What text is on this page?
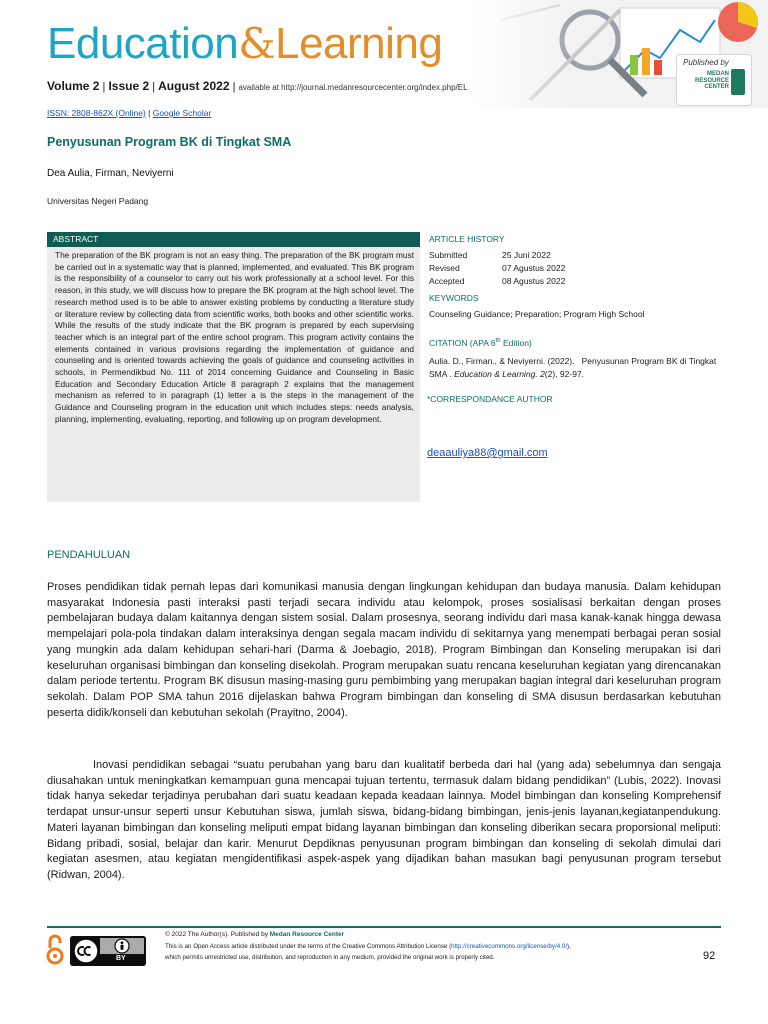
Education&Learning	Published by
MEDAN RESOURCE CENTER
Volume 2 | Issue 2 | August 2022 | available at http://journal.medanresourcecenter.org/index.php/EL
ISSN: 2808-862X (Online) | Google Scholar
Penyusunan Program BK di Tingkat SMA
Dea Aulia, Firman, Neviyerni
Universitas Negeri Padang
ABSTRACT
The preparation of the BK program is not an easy thing. The preparation of the BK program must be carried out in a systematic way that is planned, implemented, and evaluated. This BK program is the responsibility of a counselor to carry out his work professionally at a school level. For this reason, in this study, we will discuss how to prepare the BK program at the high school level. The research method used is to be able to answer existing problems by conducting a literature study or literature review by collecting data from scientific works, both books and other scientific works. While the results of the study indicate that the BK program is prepared by each supervising teacher which is an integral part of the entire school program. This program activity contains the elements contained in various provisions regarding the implementation of guidance and counseling and is oriented towards achieving the goals of guidance and counseling activities in schools, in Permendikbud No. 111 of 2014 concerning Guidance and Counseling in Basic Education and Secondary Education Article 8 paragraph 2 explains that the management mechanism as referred to in paragraph (1) letter a is the steps in the management of the Guidance and Counseling program in the education unit which includes steps: needs analysis, planning, implementing, evaluating, reporting, and following up on program development.
ARTICLE HISTORY
Submitted	25 Juni 2022
Revised	07 Agustus 2022
Accepted	08 Agustus 2022
KEYWORDS
Counseling Guidance; Preparation; Program High School
CITATION (APA 6th Edition)
Aulia. D., Firman., & Neviyerni. (2022). Penyusunan Program BK di Tingkat SMA . Education & Learning. 2(2), 92-97.
*CORRESPONDANCE AUTHOR
deaauliya88@gmail.com
PENDAHULUAN
Proses pendidikan tidak pernah lepas dari komunikasi manusia dengan lingkungan kehidupan dan budaya manusia. Dalam kehidupan masyarakat Indonesia pasti interaksi pasti terjadi secara individu atau kelompok, proses sosialisasi berkaitan dengan proses pembelajaran budaya dalam kaitannya dengan sistem sosial. Dalam prosesnya, seorang individu dari masa kanak-kanak hingga dewasa mempelajari pola-pola tindakan dalam interaksinya dengan segala macam individu di sekitarnya yang menempati berbagai peran sosial yang mungkin ada dalam kehidupan sehari-hari (Darma & Joebagio, 2018). Program Bimbingan dan Konseling merupakan isi dari keseluruhan organisasi bimbingan dan konseling disekolah. Program merupakan suatu rencana keseluruhan kegiatan yang direncanakan dalam periode tertentu. Program BK disusun masing-masing guru pembimbing yang merupakan bagian integral dari keseluruhan program sekolah. Dalam POP SMA tahun 2016 dijelaskan bahwa Program bimbingan dan konseling di SMA disusun berdasarkan kebutuhan peserta didik/konseli dan kebutuhan sekolah (Prayitno, 2004).
Inovasi pendidikan sebagai “suatu perubahan yang baru dan kualitatif berbeda dari hal (yang ada) sebelumnya dan sengaja diusahakan untuk meningkatkan kemampuan guna mencapai tujuan tertentu, termasuk dalam bidang pendidikan” (Lubis, 2022). Inovasi tidak hanya sekedar terjadinya perubahan dari suatu keadaan kepada keadaan lainnya. Model bimbingan dan konseling Komprehensif terdapat unsur-unsur seperti unsur Kebutuhan siswa, jumlah siswa, bidang-bidang bimbingan, jenis-jenis layanan,kegiatanpendukung. Materi layanan bimbingan dan konseling meliputi empat bidang layanan bimbingan dan konseling diberikan secara proporsional meliputi: Bidang pribadi, sosial, belajar dan karir. Menurut Depdiknas penyusunan program bimbingan dan konseling di sekolah dimulai dari kegiatan asesmen, atau kegiatan mengidentifikasi aspek-aspek yang dijadikan bahan masukan bagi penyusunan program tersebut (Ridwan, 2004).
BY
© 2022 The Author(s). Published by Medan Resource Center
This is an Open Access article distributed under the terms of the Creative Commons Attribution License (http://creativecommons.org/license/by/4.0/),
which permits unrestricted use, distribution, and reproduction in any medium, provided the original work is properly cited.	92
